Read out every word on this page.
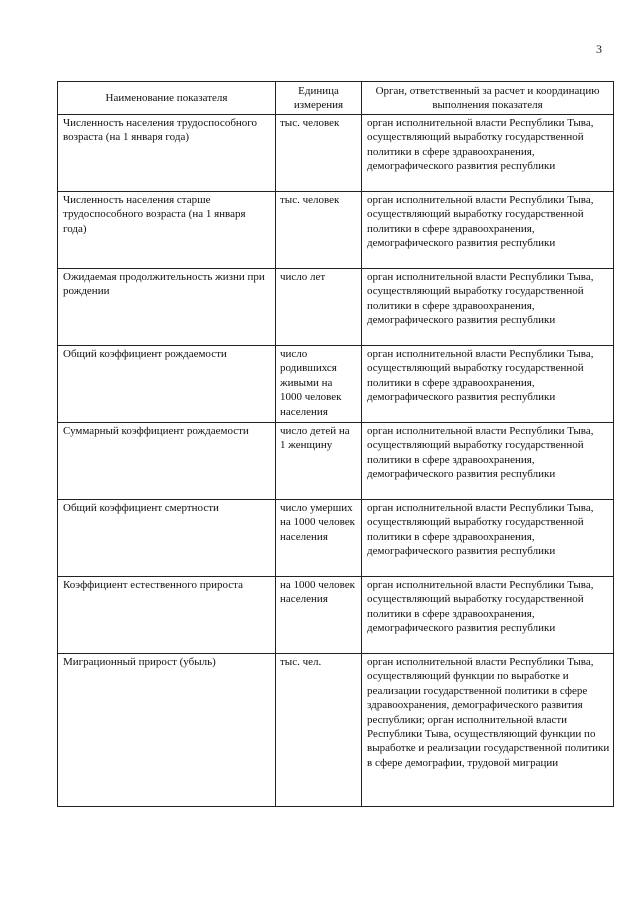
3
Наименование показателя	Единица измерения	Орган, ответственный за расчет и координацию выполнения показателя
Численность населения трудоспособного возраста (на 1 января года)	тыс. человек	орган исполнительной власти Республики Тыва, осуществляющий выработку государственной политики в сфере здравоохранения, демографического развития республики
Численность населения старше трудоспособного возраста (на 1 января года)	тыс. человек	орган исполнительной власти Республики Тыва, осуществляющий выработку государственной политики в сфере здравоохранения, демографического развития республики
Ожидаемая продолжительность жизни при рождении	число лет	орган исполнительной власти Республики Тыва, осуществляющий выработку государственной политики в сфере здравоохранения, демографического развития республики
Общий коэффициент рождаемости	число родившихся живыми на 1000 человек населения	орган исполнительной власти Республики Тыва, осуществляющий выработку государственной политики в сфере здравоохранения, демографического развития республики
Суммарный коэффициент рождаемости	число детей на 1 женщину	орган исполнительной власти Республики Тыва, осуществляющий выработку государственной политики в сфере здравоохранения, демографического развития республики
Общий коэффициент смертности	число умерших на 1000 человек населения	орган исполнительной власти Республики Тыва, осуществляющий выработку государственной политики в сфере здравоохранения, демографического развития республики
Коэффициент естественного прироста	на 1000 человек населения	орган исполнительной власти Республики Тыва, осуществляющий выработку государственной политики в сфере здравоохранения, демографического развития республики
Миграционный прирост (убыль)	тыс. чел.	орган исполнительной власти Республики Тыва, осуществляющий функции по выработке и реализации государственной политики в сфере здравоохранения, демографического развития республики; орган исполнительной власти Республики Тыва, осуществляющий функции по выработке и реализации государственной политики в сфере демографии, трудовой миграции
